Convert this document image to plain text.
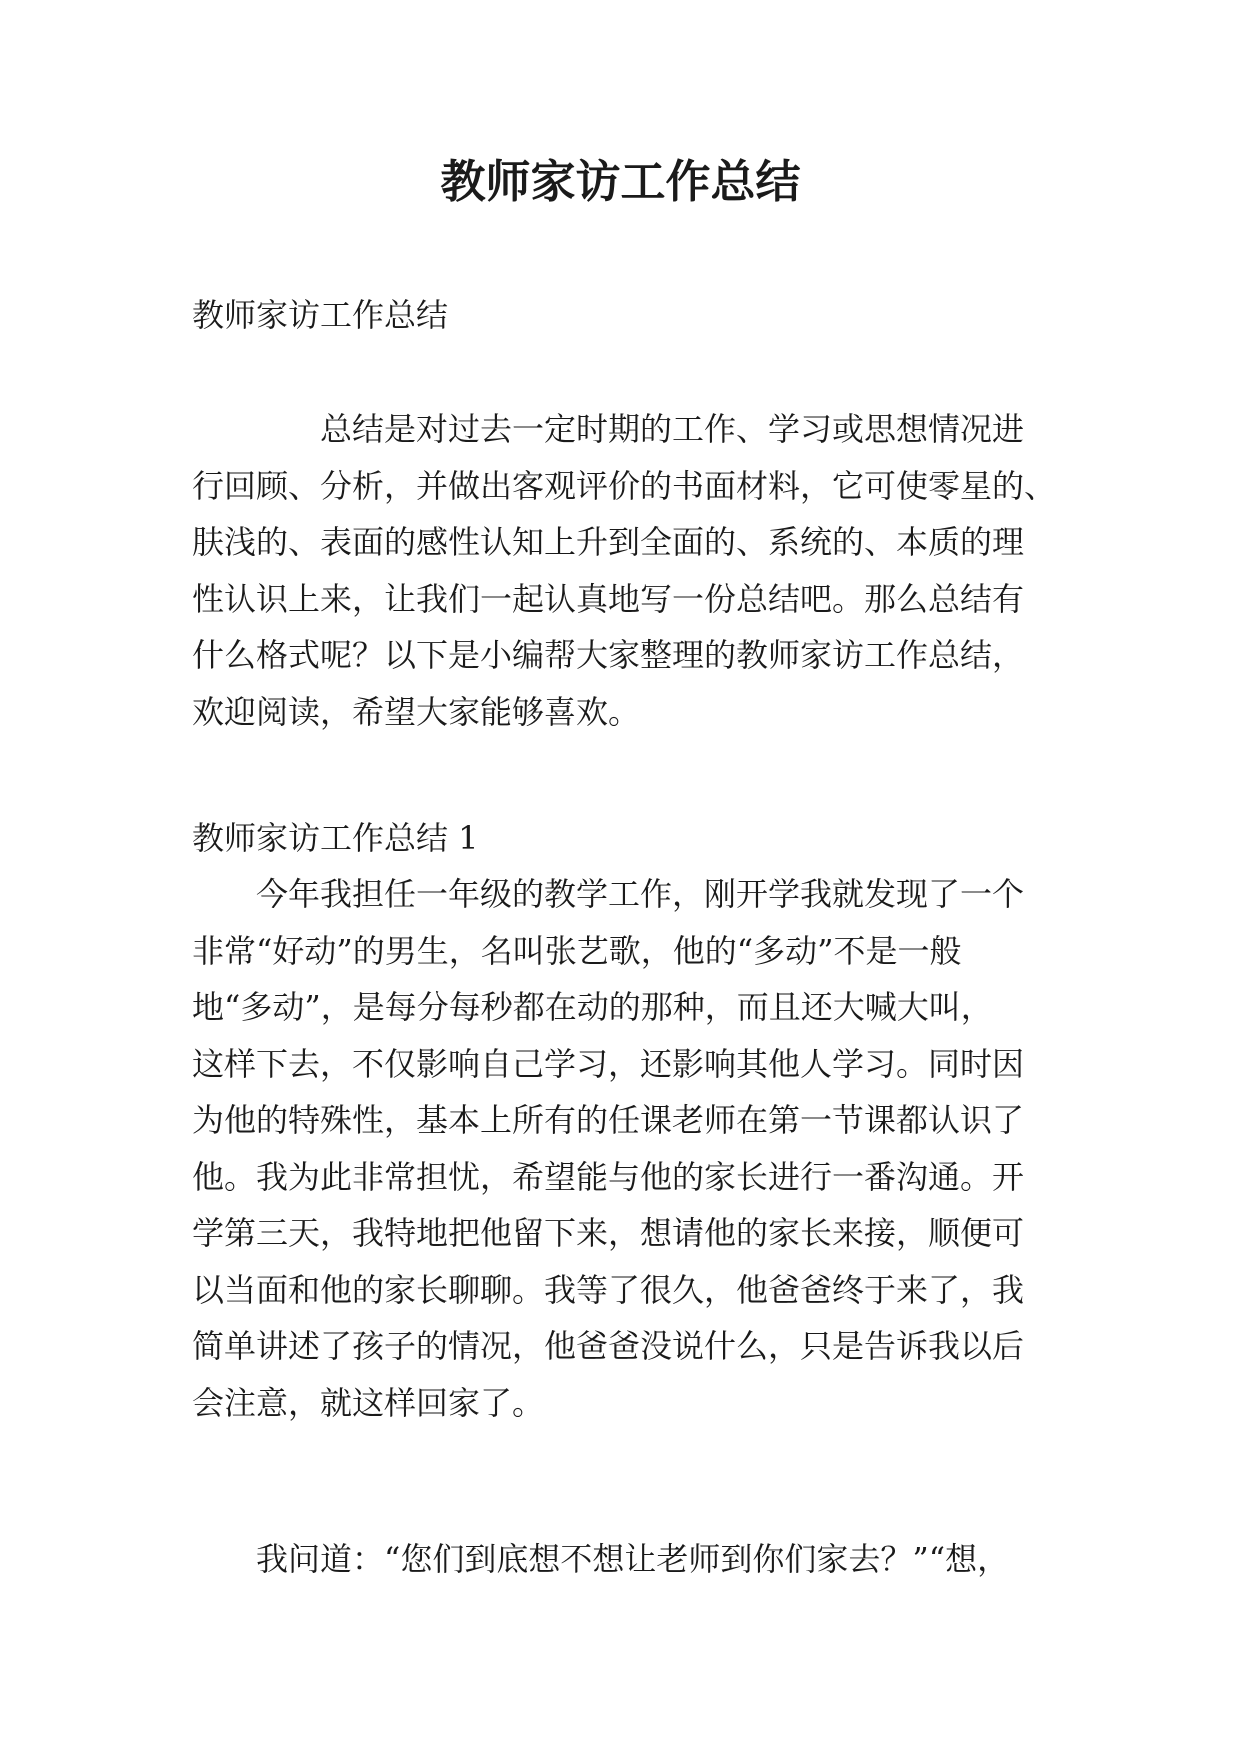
教师家访工作总结

教师家访工作总结

　　　　总结是对过去一定时期的工作、学习或思想情况进
行回顾、分析，并做出客观评价的书面材料，它可使零星的、
肤浅的、表面的感性认知上升到全面的、系统的、本质的理
性认识上来，让我们一起认真地写一份总结吧。那么总结有
什么格式呢？以下是小编帮大家整理的教师家访工作总结，
欢迎阅读，希望大家能够喜欢。

教师家访工作总结 1

　　今年我担任一年级的教学工作，刚开学我就发现了一个
非常“好动”的男生，名叫张艺歌，他的“多动”不是一般
地“多动”，是每分每秒都在动的那种，而且还大喊大叫，
这样下去，不仅影响自己学习，还影响其他人学习。同时因
为他的特殊性，基本上所有的任课老师在第一节课都认识了
他。我为此非常担忧，希望能与他的家长进行一番沟通。开
学第三天，我特地把他留下来，想请他的家长来接，顺便可
以当面和他的家长聊聊。我等了很久，他爸爸终于来了，我
简单讲述了孩子的情况，他爸爸没说什么，只是告诉我以后
会注意，就这样回家了。

　　我问道：“您们到底想不想让老师到你们家去？”“想，
